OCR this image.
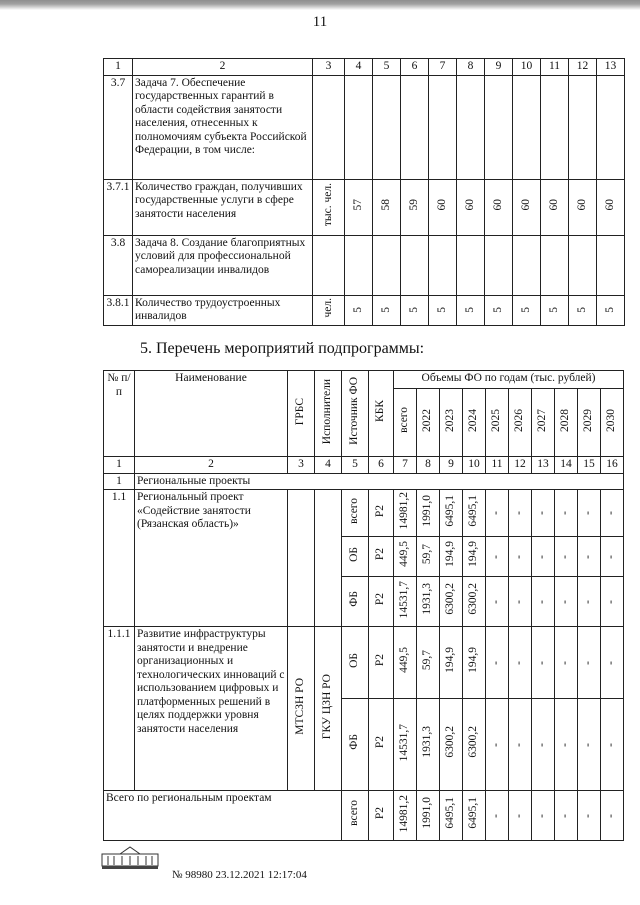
11
1	2	3	4	5	6	7	8	9	10	11	12	13
3.7	Задача 7. Обеспечение государственных гарантий в области содействия занятости населения, отнесенных к полномочиям субъекта Российской Федерации, в том числе:											
3.7.1	Количество граждан, получивших государственные услуги в сфере занятости населения	тыс. чел.	57	58	59	60	60	60	60	60	60	60
3.8	Задача 8. Создание благоприятных условий для профессиональной самореализации инвалидов											
3.8.1	Количество трудоустроенных инвалидов	чел.	5	5	5	5	5	5	5	5	5	5
5. Перечень мероприятий подпрограммы:
№ п/п	Наименование	ГРБС	Исполнители	Источник ФО	КБК	Объемы ФО по годам (тыс. рублей)									
						всего	2022	2023	2024	2025	2026	2027	2028	2029	2030
1	2	3	4	5	6	7	8	9	10	11	12	13	14	15	16
1	Региональные проекты														
1.1	Региональный проект «Содействие занятости (Рязанская область)»			всего	Р2	14981,2	1991,0	6495,1	6495,1	-	-	-	-	-	-
				ОБ	Р2	449,5	59,7	194,9	194,9	-	-	-	-	-	-
				ФБ	Р2	14531,7	1931,3	6300,2	6300,2	-	-	-	-	-	-
1.1.1	Развитие инфраструктуры занятости и внедрение организационных и технологических инноваций с использованием цифровых и платформенных решений в целях поддержки уровня занятости населения	МТСЗН РО	ГКУ ЦЗН РО	ОБ	Р2	449,5	59,7	194,9	194,9	-	-	-	-	-	-
				ФБ	Р2	14531,7	1931,3	6300,2	6300,2	-	-	-	-	-	-
Всего по региональным проектам				всего	Р2	14981,2	1991,0	6495,1	6495,1	-	-	-	-	-	-
№ 98980 23.12.2021 12:17:04
